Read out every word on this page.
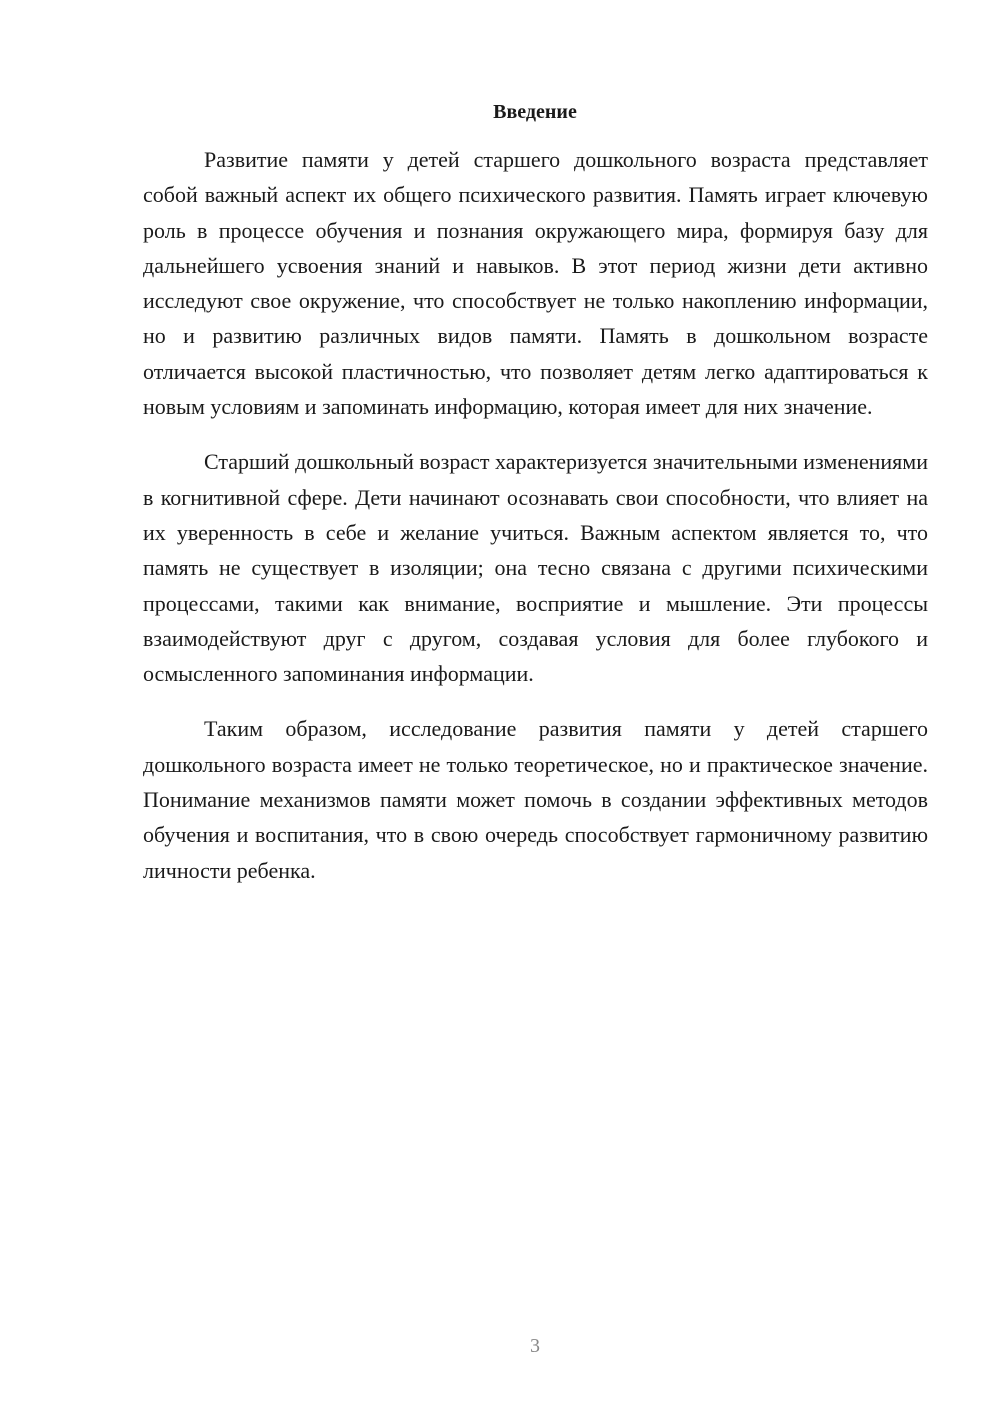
Введение

Развитие памяти у детей старшего дошкольного возраста представляет собой важный аспект их общего психического развития. Память играет ключевую роль в процессе обучения и познания окружающего мира, формируя базу для дальнейшего усвоения знаний и навыков. В этот период жизни дети активно исследуют свое окружение, что способствует не только накоплению информации, но и развитию различных видов памяти. Память в дошкольном возрасте отличается высокой пластичностью, что позволяет детям легко адаптироваться к новым условиям и запоминать информацию, которая имеет для них значение.

Старший дошкольный возраст характеризуется значительными изменениями в когнитивной сфере. Дети начинают осознавать свои способности, что влияет на их уверенность в себе и желание учиться. Важным аспектом является то, что память не существует в изоляции; она тесно связана с другими психическими процессами, такими как внимание, восприятие и мышление. Эти процессы взаимодействуют друг с другом, создавая условия для более глубокого и осмысленного запоминания информации.

Таким образом, исследование развития памяти у детей старшего дошкольного возраста имеет не только теоретическое, но и практическое значение. Понимание механизмов памяти может помочь в создании эффективных методов обучения и воспитания, что в свою очередь способствует гармоничному развитию личности ребенка.

3
